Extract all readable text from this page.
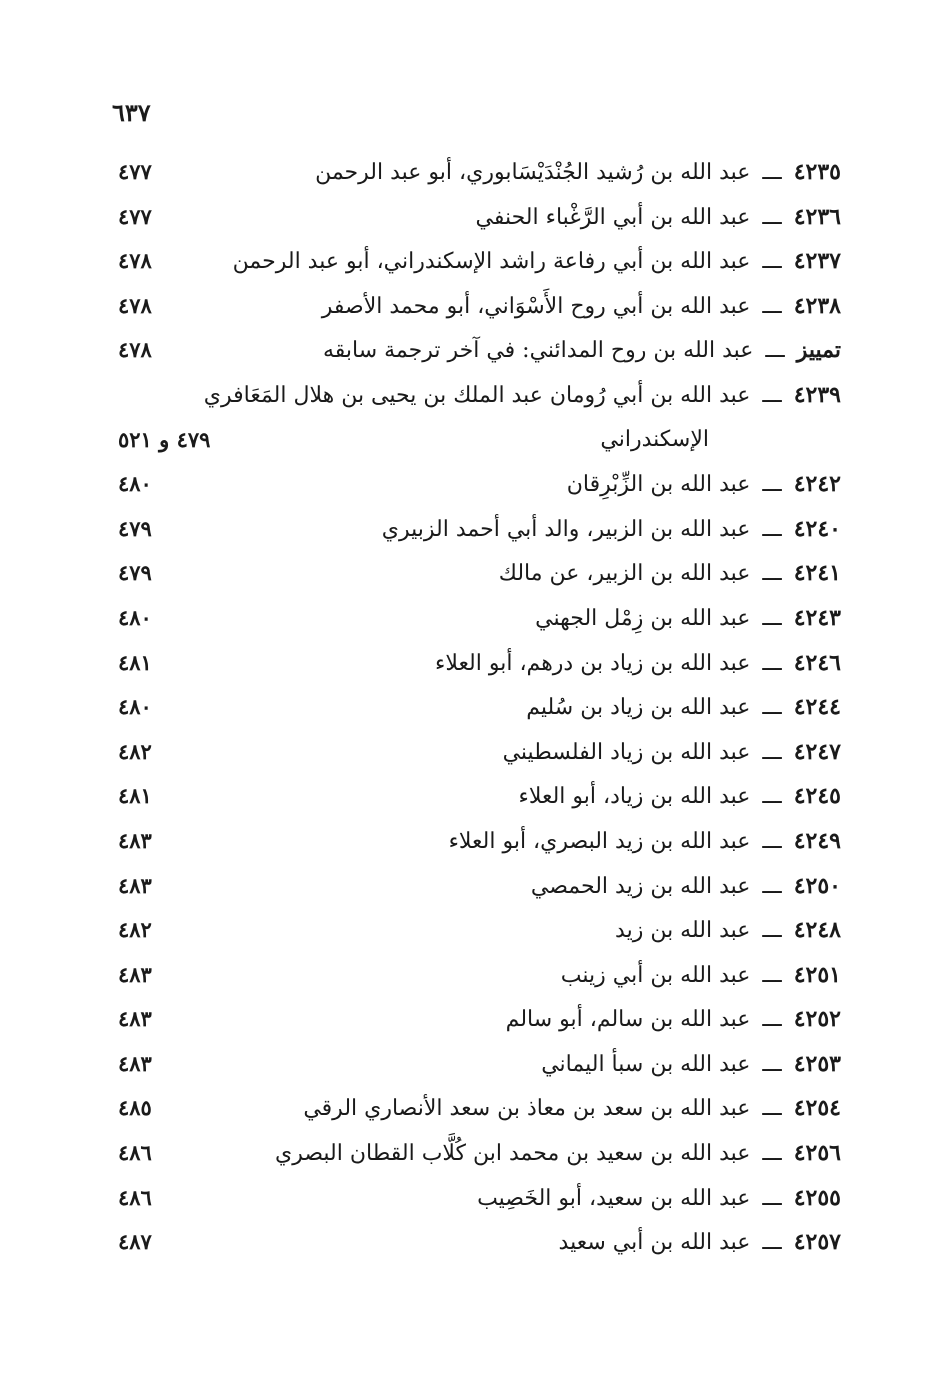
٦٣٧
٤٢٣٥ـــعبد الله بن رُشيد الجُنْدَيْسَابوري، أبو عبد الرحمن
٤٧٧
٤٢٣٦ـــعبد الله بن أبي الرَّغْباء الحنفي
٤٧٧
٤٢٣٧ـــعبد الله بن أبي رفاعة راشد الإسكندراني، أبو عبد الرحمن
٤٧٨
٤٢٣٨ـــعبد الله بن أبي روح الأَسْوَاني، أبو محمد الأصفر
٤٧٨
تمييزـــعبد الله بن روح المدائني: في آخر ترجمة سابقه
٤٧٨
٤٢٣٩ـــعبد الله بن أبي رُومان عبد الملك بن يحيى بن هلال المَعَافري
الإسكندراني
٤٧٩ و ٥٢١
٤٢٤٢ـــعبد الله بن الزِّبْرِقان
٤٨٠
٤٢٤٠ـــعبد الله بن الزبير، والد أبي أحمد الزبيري
٤٧٩
٤٢٤١ـــعبد الله بن الزبير، عن مالك
٤٧٩
٤٢٤٣ـــعبد الله بن زِمْل الجهني
٤٨٠
٤٢٤٦ـــعبد الله بن زياد بن درهم، أبو العلاء
٤٨١
٤٢٤٤ـــعبد الله بن زياد بن سُليم
٤٨٠
٤٢٤٧ـــعبد الله بن زياد الفلسطيني
٤٨٢
٤٢٤٥ـــعبد الله بن زياد، أبو العلاء
٤٨١
٤٢٤٩ـــعبد الله بن زيد البصري، أبو العلاء
٤٨٣
٤٢٥٠ـــعبد الله بن زيد الحمصي
٤٨٣
٤٢٤٨ـــعبد الله بن زيد
٤٨٢
٤٢٥١ـــعبد الله بن أبي زينب
٤٨٣
٤٢٥٢ـــعبد الله بن سالم، أبو سالم
٤٨٣
٤٢٥٣ـــعبد الله بن سبأ اليماني
٤٨٣
٤٢٥٤ـــعبد الله بن سعد بن معاذ بن سعد الأنصاري الرقي
٤٨٥
٤٢٥٦ـــعبد الله بن سعيد بن محمد ابن كُلَّاب القطان البصري
٤٨٦
٤٢٥٥ـــعبد الله بن سعيد، أبو الخَصِيب
٤٨٦
٤٢٥٧ـــعبد الله بن أبي سعيد
٤٨٧
